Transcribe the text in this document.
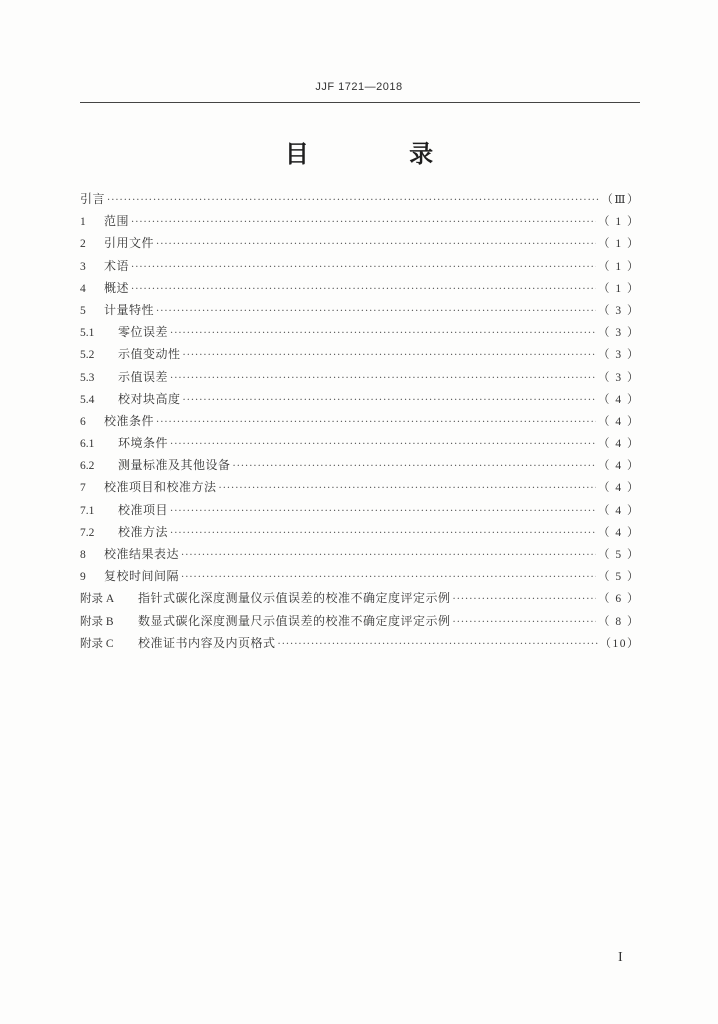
JJF 1721—2018
目 录
引言 ·····	（Ⅲ）
1	范围 ·····	（ 1 ）
2	引用文件 ·····	（ 1 ）
3	术语 ·····	（ 1 ）
4	概述 ·····	（ 1 ）
5	计量特性 ·····	（ 3 ）
5.1	零位误差 ·····	（ 3 ）
5.2	示值变动性 ·····	（ 3 ）
5.3	示值误差 ·····	（ 3 ）
5.4	校对块高度 ·····	（ 4 ）
6	校准条件 ·····	（ 4 ）
6.1	环境条件 ·····	（ 4 ）
6.2	测量标准及其他设备 ·····	（ 4 ）
7	校准项目和校准方法 ·····	（ 4 ）
7.1	校准项目 ·····	（ 4 ）
7.2	校准方法 ·····	（ 4 ）
8	校准结果表达 ·····	（ 5 ）
9	复校时间间隔 ·····	（ 5 ）
附录 A	指针式碳化深度测量仪示值误差的校准不确定度评定示例 ·····	（ 6 ）
附录 B	数显式碳化深度测量尺示值误差的校准不确定度评定示例 ·····	（ 8 ）
附录 C	校准证书内容及内页格式 ·····	（10）
I
